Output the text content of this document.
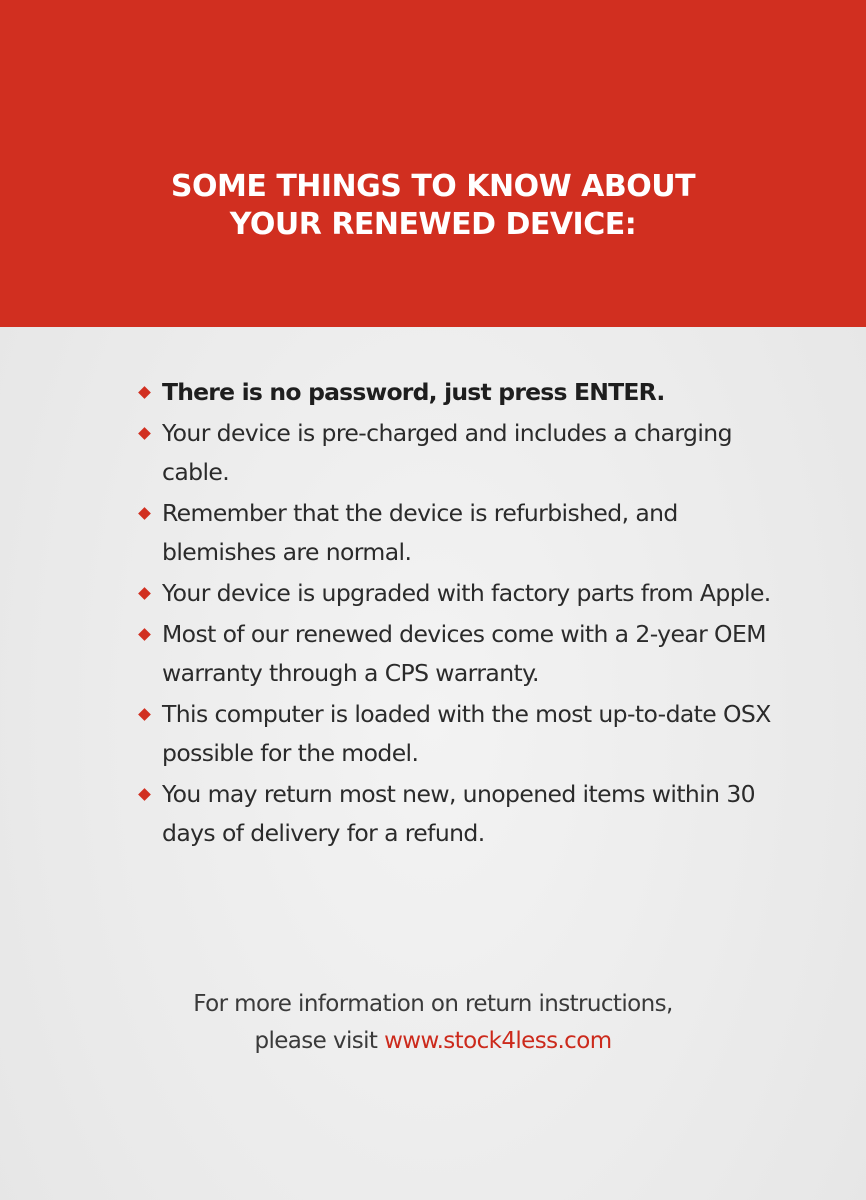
SOME THINGS TO KNOW ABOUT
YOUR RENEWED DEVICE:
There is no password, just press ENTER.
Your device is pre-charged and includes a charging cable.
Remember that the device is refurbished, and blemishes are normal.
Your device is upgraded with factory parts from Apple.
Most of our renewed devices come with a 2-year OEM warranty through a CPS warranty.
This computer is loaded with the most up-to-date OSX possible for the model.
You may return most new, unopened items within 30 days of delivery for a refund.
For more information on return instructions,
please visit www.stock4less.com
